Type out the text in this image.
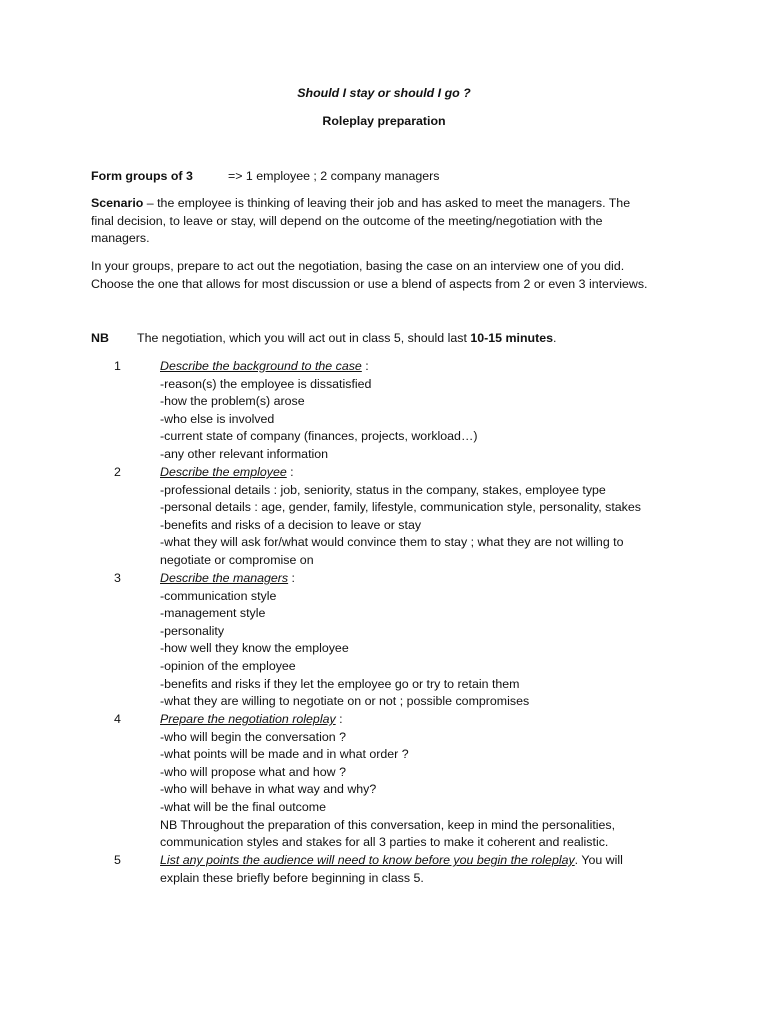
Should I stay or should I go ?
Roleplay preparation
Form groups of 3	=> 1 employee ; 2 company managers
Scenario – the employee is thinking of leaving their job and has asked to meet the managers. The
final decision, to leave or stay, will depend on the outcome of the meeting/negotiation with the
managers.
In your groups, prepare to act out the negotiation, basing the case on an interview one of you did.
Choose the one that allows for most discussion or use a blend of aspects from 2 or even 3 interviews.
NB The negotiation, which you will act out in class 5, should last 10-15 minutes.
1	Describe the background to the case :
-reason(s) the employee is dissatisfied
-how the problem(s) arose
-who else is involved
-current state of company (finances, projects, workload…)
-any other relevant information
2	Describe the employee :
-professional details : job, seniority, status in the company, stakes, employee type
-personal details : age, gender, family, lifestyle, communication style, personality, stakes
-benefits and risks of a decision to leave or stay
-what they will ask for/what would convince them to stay ; what they are not willing to
negotiate or compromise on
3	Describe the managers :
-communication style
-management style
-personality
-how well they know the employee
-opinion of the employee
-benefits and risks if they let the employee go or try to retain them
-what they are willing to negotiate on or not ; possible compromises
4	Prepare the negotiation roleplay :
-who will begin the conversation ?
-what points will be made and in what order ?
-who will propose what and how ?
-who will behave in what way and why?
-what will be the final outcome
NB Throughout the preparation of this conversation, keep in mind the personalities,
communication styles and stakes for all 3 parties to make it coherent and realistic.
5	List any points the audience will need to know before you begin the roleplay. You will
explain these briefly before beginning in class 5.
